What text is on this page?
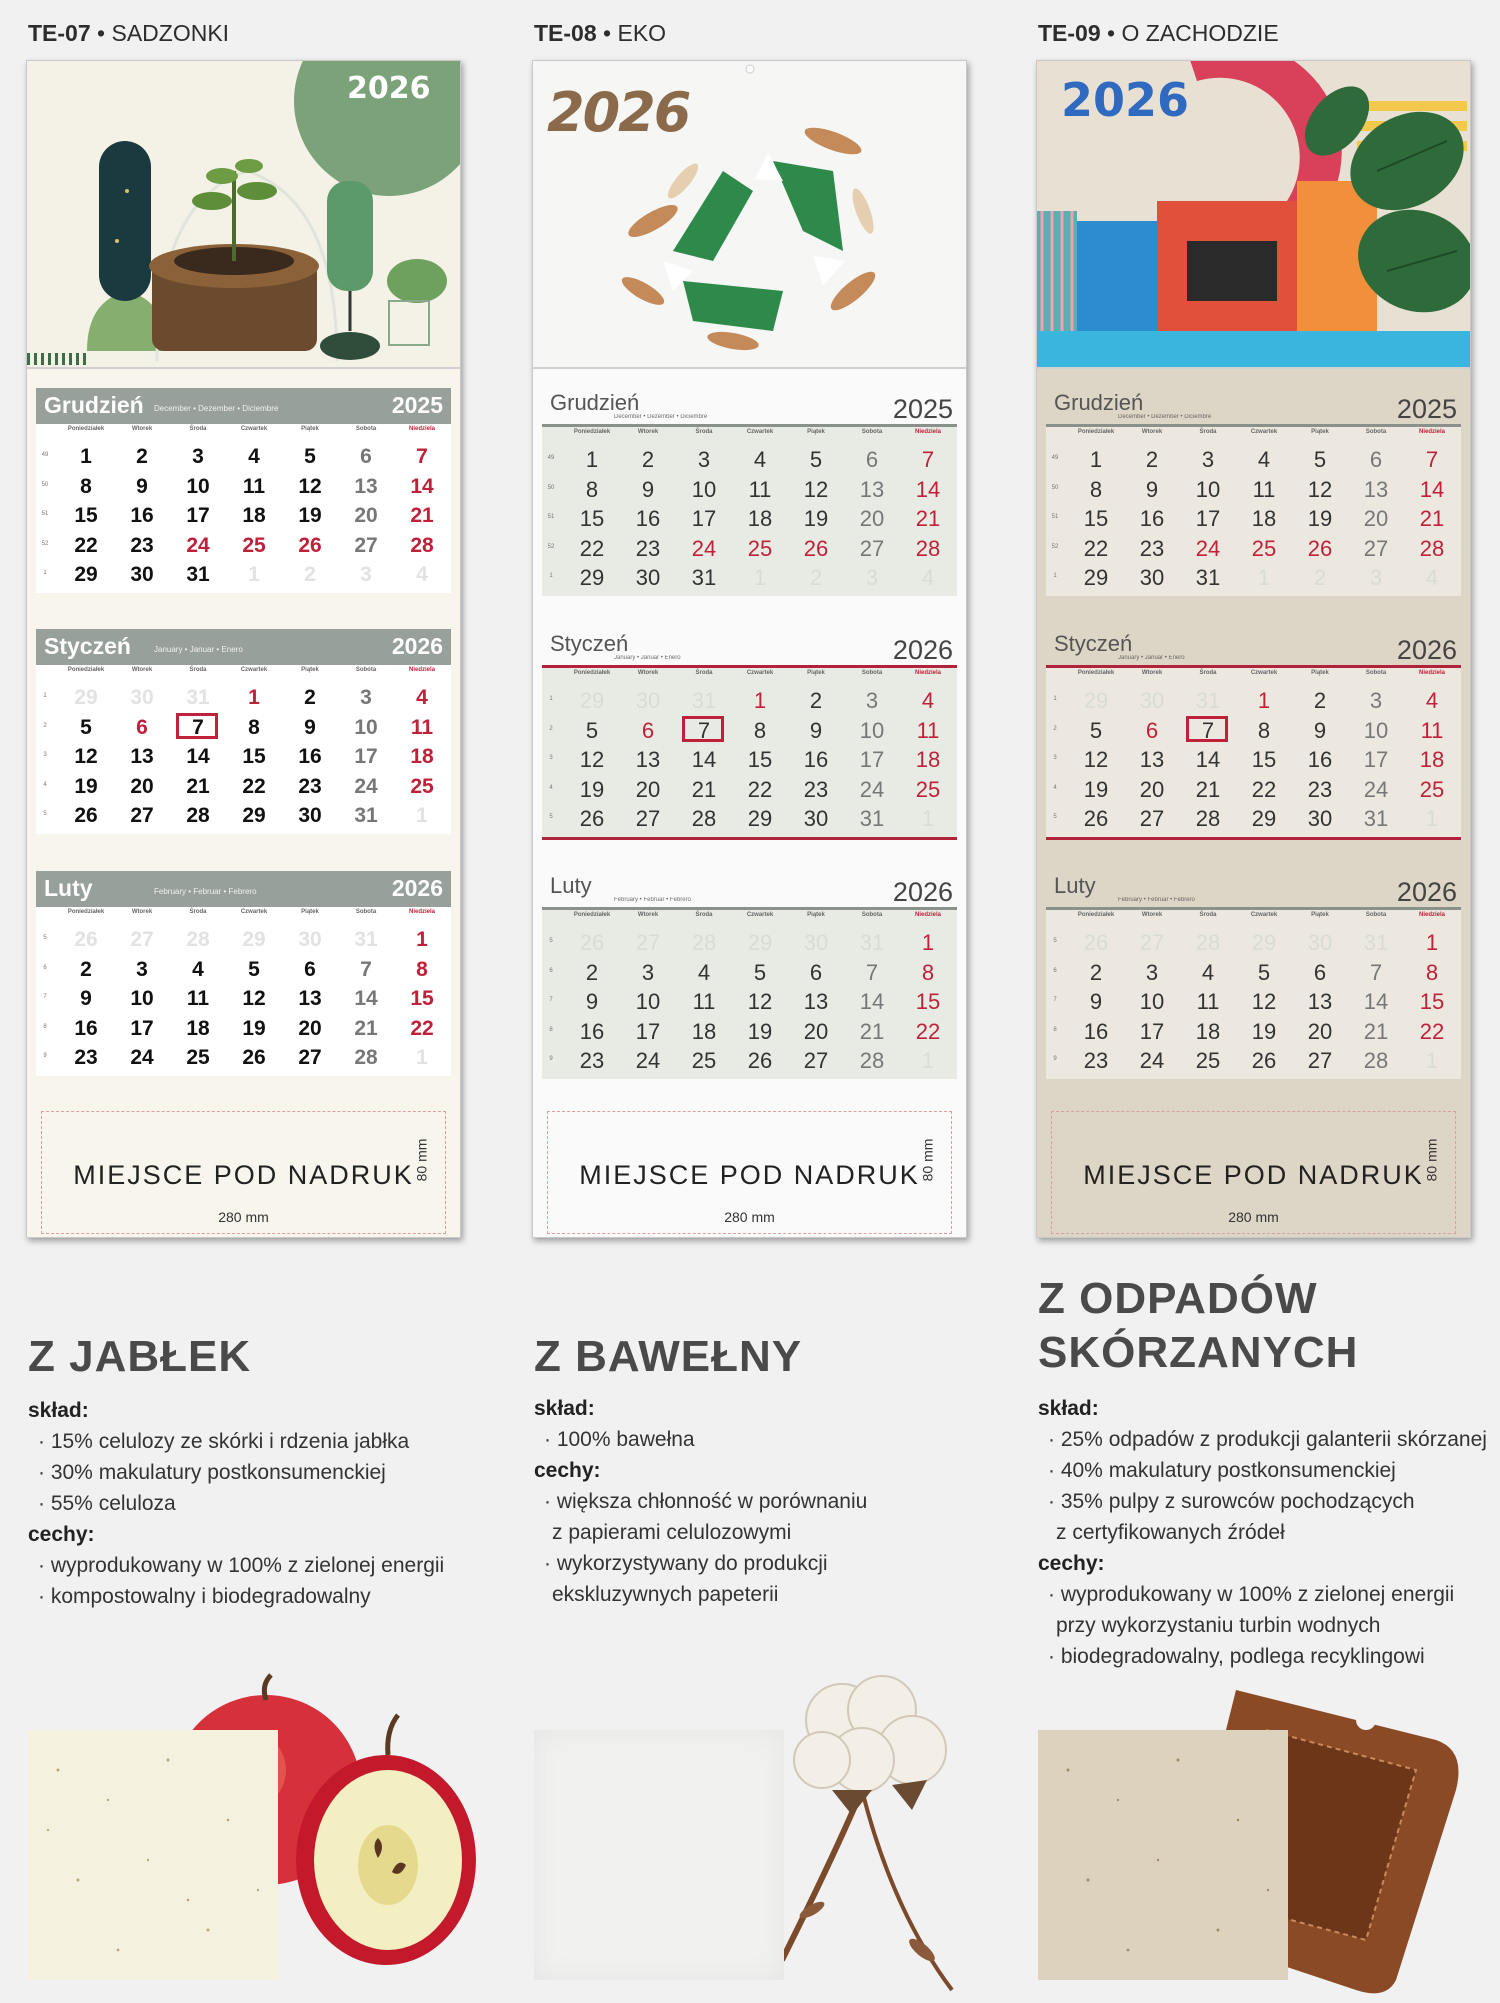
TE-07 • SADZONKI
2026
Grudzień December • Dezember • Diciembre	2025
Poniedziałek	Wtorek	Środa	Czwartek	Piątek	Sobota	Niedziela
49	1	2	3	4	5	6	7
50	8	9	10	11	12	13	14
51	15	16	17	18	19	20	21
52	22	23	24	25	26	27	28
1	29	30	31	1	2	3	4
Styczeń	January • Januar • Enero	2026
Poniedziałek	Wtorek	Środa	Czwartek	Piątek	Sobota	Niedziela
1	29	30	31	1	2	3	4
2	5	6	7	8	9	10	11
3	12	13	14	15	16	17	18
4	19	20	21	22	23	24	25
5	26	27	28	29	30	31	1
Luty	February • Februar • Febrero	2026
Poniedziałek	Wtorek	Środa	Czwartek	Piątek	Sobota	Niedziela
5	26	27	28	29	30	31	1
6	2	3	4	5	6	7	8
7	9	10	11	12	13	14	15
8	16	17	18	19	20	21	22
9	23	24	25	26	27	28	1
MIEJSCE POD NADRUK
280 mm
80 mm
Z JABŁEK
skład:
· 15% celulozy ze skórki i rdzenia jabłka
· 30% makulatury postkonsumenckiej
· 55% celuloza
cechy:
· wyprodukowany w 100% z zielonej energii
· kompostowalny i biodegradowalny
TE-08 • EKO
2026
Grudzień
December • Dezember • Diciembre	2025
Poniedziałek	Wtorek	Środa	Czwartek	Piątek	Sobota	Niedziela
49	1	2	3	4	5	6	7
50	8	9	10	11	12	13	14
51	15	16	17	18	19	20	21
52	22	23	24	25	26	27	28
1	29	30	31	1	2	3	4
Styczeń
January • Januar • Enero	2026
Poniedziałek	Wtorek	Środa	Czwartek	Piątek	Sobota	Niedziela
1	29	30	31	1	2	3	4
2	5	6	7	8	9	10	11
3	12	13	14	15	16	17	18
4	19	20	21	22	23	24	25
5	26	27	28	29	30	31	1
Luty
February • Februar • Febrero	2026
Poniedziałek	Wtorek	Środa	Czwartek	Piątek	Sobota	Niedziela
5	26	27	28	29	30	31	1
6	2	3	4	5	6	7	8
7	9	10	11	12	13	14	15
8	16	17	18	19	20	21	22
9	23	24	25	26	27	28	1
MIEJSCE POD NADRUK
280 mm
80 mm
Z BAWEŁNY
skład:
· 100% bawełna
cechy:
· większa chłonność w porównaniu
z papierami celulozowymi
· wykorzystywany do produkcji
ekskluzywnych papeterii
TE-09 • O ZACHODZIE
2026
Grudzień
December • Dezember • Diciembre	2025
Poniedziałek	Wtorek	Środa	Czwartek	Piątek	Sobota	Niedziela
49	1	2	3	4	5	6	7
50	8	9	10	11	12	13	14
51	15	16	17	18	19	20	21
52	22	23	24	25	26	27	28
1	29	30	31	1	2	3	4
Styczeń
January • Januar • Enero	2026
Poniedziałek	Wtorek	Środa	Czwartek	Piątek	Sobota	Niedziela
1	29	30	31	1	2	3	4
2	5	6	7	8	9	10	11
3	12	13	14	15	16	17	18
4	19	20	21	22	23	24	25
5	26	27	28	29	30	31	1
Luty
February • Februar • Febrero	2026
Poniedziałek	Wtorek	Środa	Czwartek	Piątek	Sobota	Niedziela
5	26	27	28	29	30	31	1
6	2	3	4	5	6	7	8
7	9	10	11	12	13	14	15
8	16	17	18	19	20	21	22
9	23	24	25	26	27	28	1
MIEJSCE POD NADRUK
280 mm
80 mm
Z ODPADÓW
SKÓRZANYCH
skład:
· 25% odpadów z produkcji galanterii skórzanej
· 40% makulatury postkonsumenckiej
· 35% pulpy z surowców pochodzących
z certyfikowanych źródeł
cechy:
· wyprodukowany w 100% z zielonej energii
przy wykorzystaniu turbin wodnych
· biodegradowalny, podlega recyklingowi
